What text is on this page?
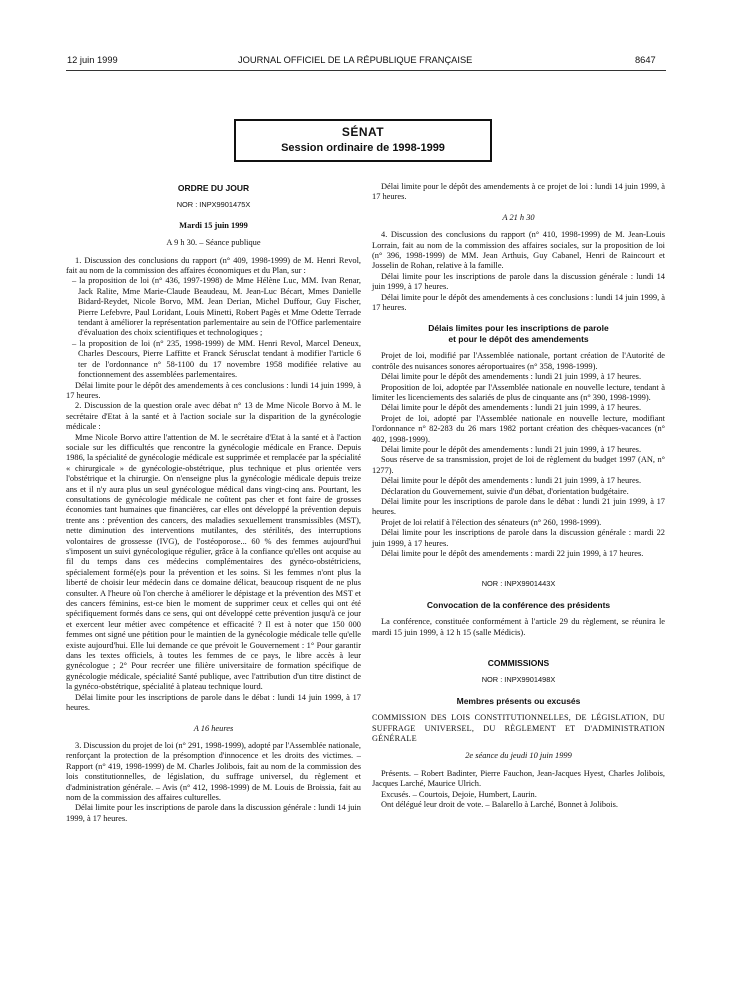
12 juin 1999	JOURNAL OFFICIEL DE LA RÉPUBLIQUE FRANÇAISE	8647
SÉNAT
Session ordinaire de 1998-1999

ORDRE DU JOUR

NOR : INPX9901475X

Mardi 15 juin 1999

A 9 h 30. – Séance publique

1. Discussion des conclusions du rapport (n° 409, 1998-1999) de M. Henri Revol, fait au nom de la commission des affaires économiques et du Plan, sur :

– la proposition de loi (n° 436, 1997-1998) de Mme Hélène Luc, MM. Ivan Renar, Jack Ralite, Mme Marie-Claude Beaudeau, M. Jean-Luc Bécart, Mmes Danielle Bidard-Reydet, Nicole Borvo, MM. Jean Derian, Michel Duffour, Guy Fischer, Pierre Lefebvre, Paul Loridant, Louis Minetti, Robert Pagès et Mme Odette Terrade tendant à améliorer la représentation parlementaire au sein de l'Office parlementaire d'évaluation des choix scientifiques et technologiques ;

– la proposition de loi (n° 235, 1998-1999) de MM. Henri Revol, Marcel Deneux, Charles Descours, Pierre Laffitte et Franck Sérusclat tendant à modifier l'article 6 ter de l'ordonnance n° 58-1100 du 17 novembre 1958 modifiée relative au fonctionnement des assemblées parlementaires.

Délai limite pour le dépôt des amendements à ces conclusions : lundi 14 juin 1999, à 17 heures.

2. Discussion de la question orale avec débat n° 13 de Mme Nicole Borvo à M. le secrétaire d'Etat à la santé et à l'action sociale sur la disparition de la gynécologie médicale :

Mme Nicole Borvo attire l'attention de M. le secrétaire d'Etat à la santé et à l'action sociale sur les difficultés que rencontre la gynécologie médicale en France. Depuis 1986, la spécialité de gynécologie médicale est supprimée et remplacée par la spécialité « chirurgicale » de gynécologie-obstétrique, plus technique et plus orientée vers l'obstétrique et la chirurgie. On n'enseigne plus la gynécologie médicale depuis treize ans et il n'y aura plus un seul gynécologue médical dans vingt-cinq ans. Pourtant, les consultations de gynécologie médicale ne coûtent pas cher et font faire de grosses économies tant humaines que financières, car elles ont développé la prévention depuis trente ans : prévention des cancers, des maladies sexuellement transmissibles (MST), nette diminution des interventions mutilantes, des stérilités, des interruptions volontaires de grossesse (IVG), de l'ostéoporose... 60 % des femmes aujourd'hui s'imposent un suivi gynécologique régulier, grâce à la confiance qu'elles ont acquise au fil du temps dans ces médecins complémentaires des gynéco-obstétriciens, spécialement formé(e)s pour la prévention et les soins. Si les femmes n'ont plus la liberté de choisir leur médecin dans ce domaine délicat, beaucoup risquent de ne plus consulter. A l'heure où l'on cherche à améliorer le dépistage et la prévention des MST et des cancers féminins, est-ce bien le moment de supprimer ceux et celles qui ont été spécifiquement formés dans ce sens, qui ont développé cette prévention jusqu'à ce jour et exercent leur métier avec compétence et efficacité ? Il est à noter que 150 000 femmes ont signé une pétition pour le maintien de la gynécologie médicale telle qu'elle existe aujourd'hui. Elle lui demande ce que prévoit le Gouvernement : 1° Pour garantir dans les textes officiels, à toutes les femmes de ce pays, le libre accès à leur gynécologue ; 2° Pour recréer une filière universitaire de formation spécifique de gynécologie médicale, spécialité Santé publique, avec l'attribution d'un titre distinct de la gynéco-obstétrique, spécialité à plateau technique lourd.

Délai limite pour les inscriptions de parole dans le débat : lundi 14 juin 1999, à 17 heures.

A 16 heures

3. Discussion du projet de loi (n° 291, 1998-1999), adopté par l'Assemblée nationale, renforçant la protection de la présomption d'innocence et les droits des victimes. – Rapport (n° 419, 1998-1999) de M. Charles Jolibois, fait au nom de la commission des lois constitutionnelles, de législation, du suffrage universel, du règlement et d'administration générale. – Avis (n° 412, 1998-1999) de M. Louis de Broissia, fait au nom de la commission des affaires culturelles.

Délai limite pour les inscriptions de parole dans la discussion générale : lundi 14 juin 1999, à 17 heures.

Délai limite pour le dépôt des amendements à ce projet de loi : lundi 14 juin 1999, à 17 heures.

A 21 h 30

4. Discussion des conclusions du rapport (n° 410, 1998-1999) de M. Jean-Louis Lorrain, fait au nom de la commission des affaires sociales, sur la proposition de loi (n° 396, 1998-1999) de MM. Jean Arthuis, Guy Cabanel, Henri de Raincourt et Josselin de Rohan, relative à la famille.

Délai limite pour les inscriptions de parole dans la discussion générale : lundi 14 juin 1999, à 17 heures.

Délai limite pour le dépôt des amendements à ces conclusions : lundi 14 juin 1999, à 17 heures.

Délais limites pour les inscriptions de parole
et pour le dépôt des amendements

Projet de loi, modifié par l'Assemblée nationale, portant création de l'Autorité de contrôle des nuisances sonores aéroportuaires (n° 358, 1998-1999).

Délai limite pour le dépôt des amendements : lundi 21 juin 1999, à 17 heures.

Proposition de loi, adoptée par l'Assemblée nationale en nouvelle lecture, tendant à limiter les licenciements des salariés de plus de cinquante ans (n° 390, 1998-1999).

Délai limite pour le dépôt des amendements : lundi 21 juin 1999, à 17 heures.

Projet de loi, adopté par l'Assemblée nationale en nouvelle lecture, modifiant l'ordonnance n° 82-283 du 26 mars 1982 portant création des chèques-vacances (n° 402, 1998-1999).

Délai limite pour le dépôt des amendements : lundi 21 juin 1999, à 17 heures.

Sous réserve de sa transmission, projet de loi de règlement du budget 1997 (AN, n° 1277).

Délai limite pour le dépôt des amendements : lundi 21 juin 1999, à 17 heures.

Déclaration du Gouvernement, suivie d'un débat, d'orientation budgétaire.

Délai limite pour les inscriptions de parole dans le débat : lundi 21 juin 1999, à 17 heures.

Projet de loi relatif à l'élection des sénateurs (n° 260, 1998-1999).

Délai limite pour les inscriptions de parole dans la discussion générale : mardi 22 juin 1999, à 17 heures.

Délai limite pour le dépôt des amendements : mardi 22 juin 1999, à 17 heures.

NOR : INPX9901443X

Convocation de la conférence des présidents

La conférence, constituée conformément à l'article 29 du règlement, se réunira le mardi 15 juin 1999, à 12 h 15 (salle Médicis).

COMMISSIONS

NOR : INPX9901498X

Membres présents ou excusés

COMMISSION DES LOIS CONSTITUTIONNELLES, DE LÉGISLATION, DU SUFFRAGE UNIVERSEL, DU RÈGLEMENT ET D'ADMINISTRATION GÉNÉRALE

2e séance du jeudi 10 juin 1999

Présents. – Robert Badinter, Pierre Fauchon, Jean-Jacques Hyest, Charles Jolibois, Jacques Larché, Maurice Ulrich.

Excusés. – Courtois, Dejoie, Humbert, Laurin.

Ont délégué leur droit de vote. – Balarello à Larché, Bonnet à Jolibois.
